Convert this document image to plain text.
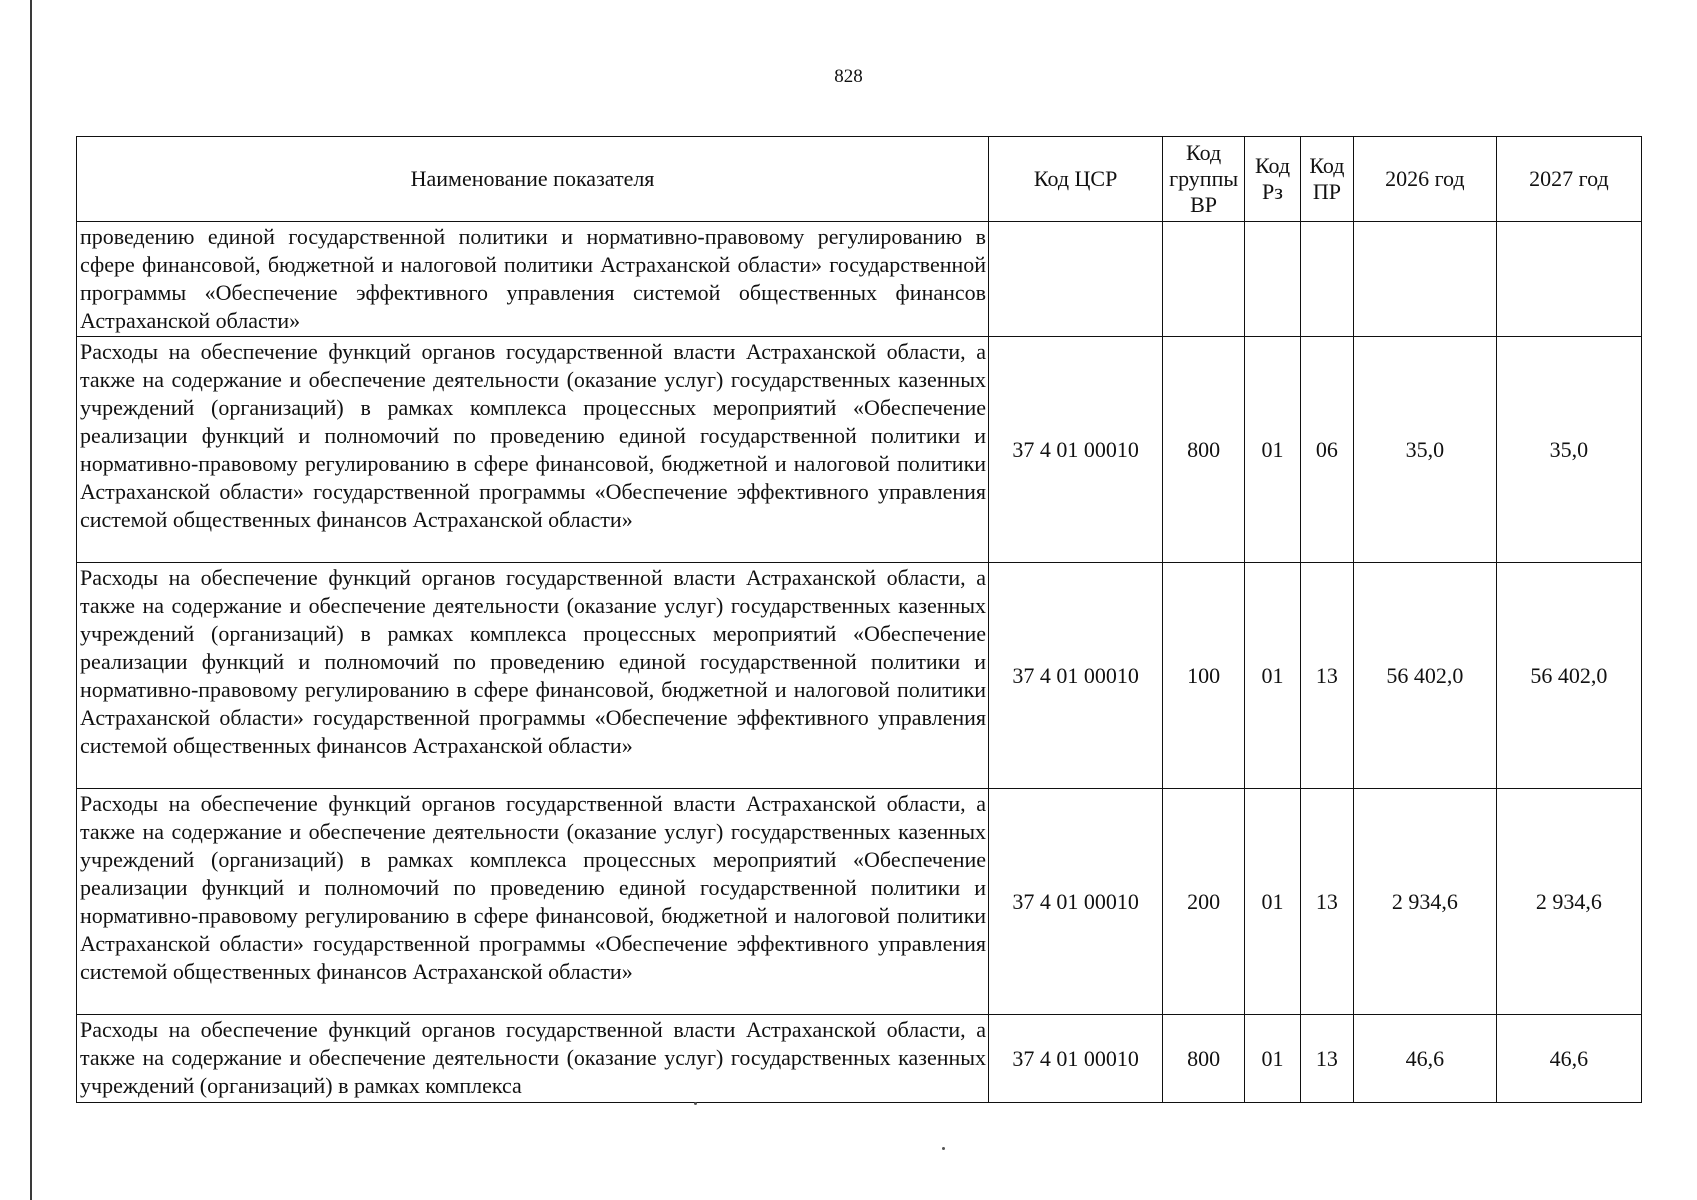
828
Наименование показателя	Код ЦСР	Код группы ВР	Код Рз	Код ПР	2026 год	2027 год
проведению единой государственной политики и нормативно-правовому регулированию в сфере финансовой, бюджетной и налоговой политики Астраханской области» государственной программы «Обеспечение эффективного управления системой общественных финансов Астраханской области»						
Расходы на обеспечение функций органов государственной власти Астраханской области, а также на содержание и обеспечение деятельности (оказание услуг) государственных казенных учреждений (организаций) в рамках комплекса процессных мероприятий «Обеспечение реализации функций и полномочий по проведению единой государственной политики и нормативно-правовому регулированию в сфере финансовой, бюджетной и налоговой политики Астраханской области» государственной программы «Обеспечение эффективного управления системой общественных финансов Астраханской области»	37 4 01 00010	800	01	06	35,0	35,0
Расходы на обеспечение функций органов государственной власти Астраханской области, а также на содержание и обеспечение деятельности (оказание услуг) государственных казенных учреждений (организаций) в рамках комплекса процессных мероприятий «Обеспечение реализации функций и полномочий по проведению единой государственной политики и нормативно-правовому регулированию в сфере финансовой, бюджетной и налоговой политики Астраханской области» государственной программы «Обеспечение эффективного управления системой общественных финансов Астраханской области»	37 4 01 00010	100	01	13	56 402,0	56 402,0
Расходы на обеспечение функций органов государственной власти Астраханской области, а также на содержание и обеспечение деятельности (оказание услуг) государственных казенных учреждений (организаций) в рамках комплекса процессных мероприятий «Обеспечение реализации функций и полномочий по проведению единой государственной политики и нормативно-правовому регулированию в сфере финансовой, бюджетной и налоговой политики Астраханской области» государственной программы «Обеспечение эффективного управления системой общественных финансов Астраханской области»	37 4 01 00010	200	01	13	2 934,6	2 934,6
Расходы на обеспечение функций органов государственной власти Астраханской области, а также на содержание и обеспечение деятельности (оказание услуг) государственных казенных учреждений (организаций) в рамках комплекса	37 4 01 00010	800	01	13	46,6	46,6
